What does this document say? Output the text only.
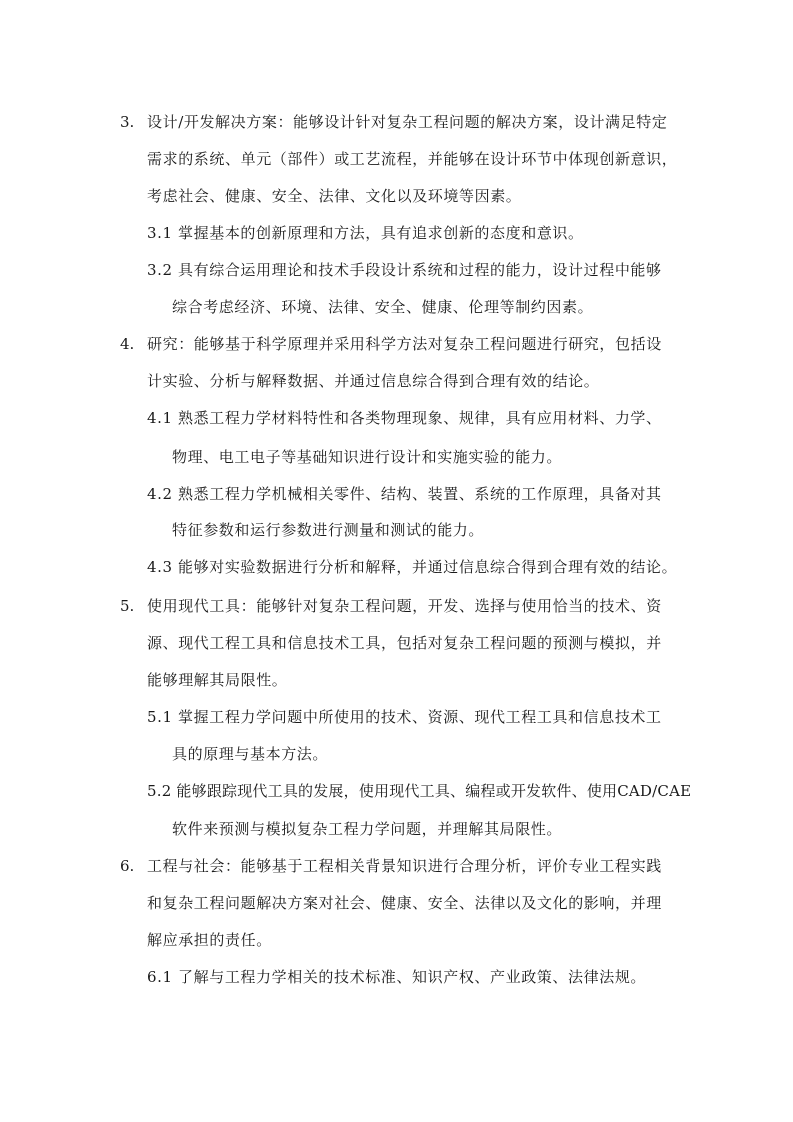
3. 设计/开发解决方案：能够设计针对复杂工程问题的解决方案，设计满足特定
需求的系统、单元（部件）或工艺流程，并能够在设计环节中体现创新意识，
考虑社会、健康、安全、法律、文化以及环境等因素。
3.1 掌握基本的创新原理和方法，具有追求创新的态度和意识。
3.2 具有综合运用理论和技术手段设计系统和过程的能力，设计过程中能够
综合考虑经济、环境、法律、安全、健康、伦理等制约因素。
4. 研究：能够基于科学原理并采用科学方法对复杂工程问题进行研究，包括设
计实验、分析与解释数据、并通过信息综合得到合理有效的结论。
4.1 熟悉工程力学材料特性和各类物理现象、规律，具有应用材料、力学、
物理、电工电子等基础知识进行设计和实施实验的能力。
4.2 熟悉工程力学机械相关零件、结构、装置、系统的工作原理，具备对其
特征参数和运行参数进行测量和测试的能力。
4.3 能够对实验数据进行分析和解释，并通过信息综合得到合理有效的结论。
5. 使用现代工具：能够针对复杂工程问题，开发、选择与使用恰当的技术、资
源、现代工程工具和信息技术工具，包括对复杂工程问题的预测与模拟，并
能够理解其局限性。
5.1 掌握工程力学问题中所使用的技术、资源、现代工程工具和信息技术工
具的原理与基本方法。
5.2 能够跟踪现代工具的发展，使用现代工具、编程或开发软件、使用CAD/CAE
软件来预测与模拟复杂工程力学问题，并理解其局限性。
6. 工程与社会：能够基于工程相关背景知识进行合理分析，评价专业工程实践
和复杂工程问题解决方案对社会、健康、安全、法律以及文化的影响，并理
解应承担的责任。
6.1 了解与工程力学相关的技术标准、知识产权、产业政策、法律法规。
